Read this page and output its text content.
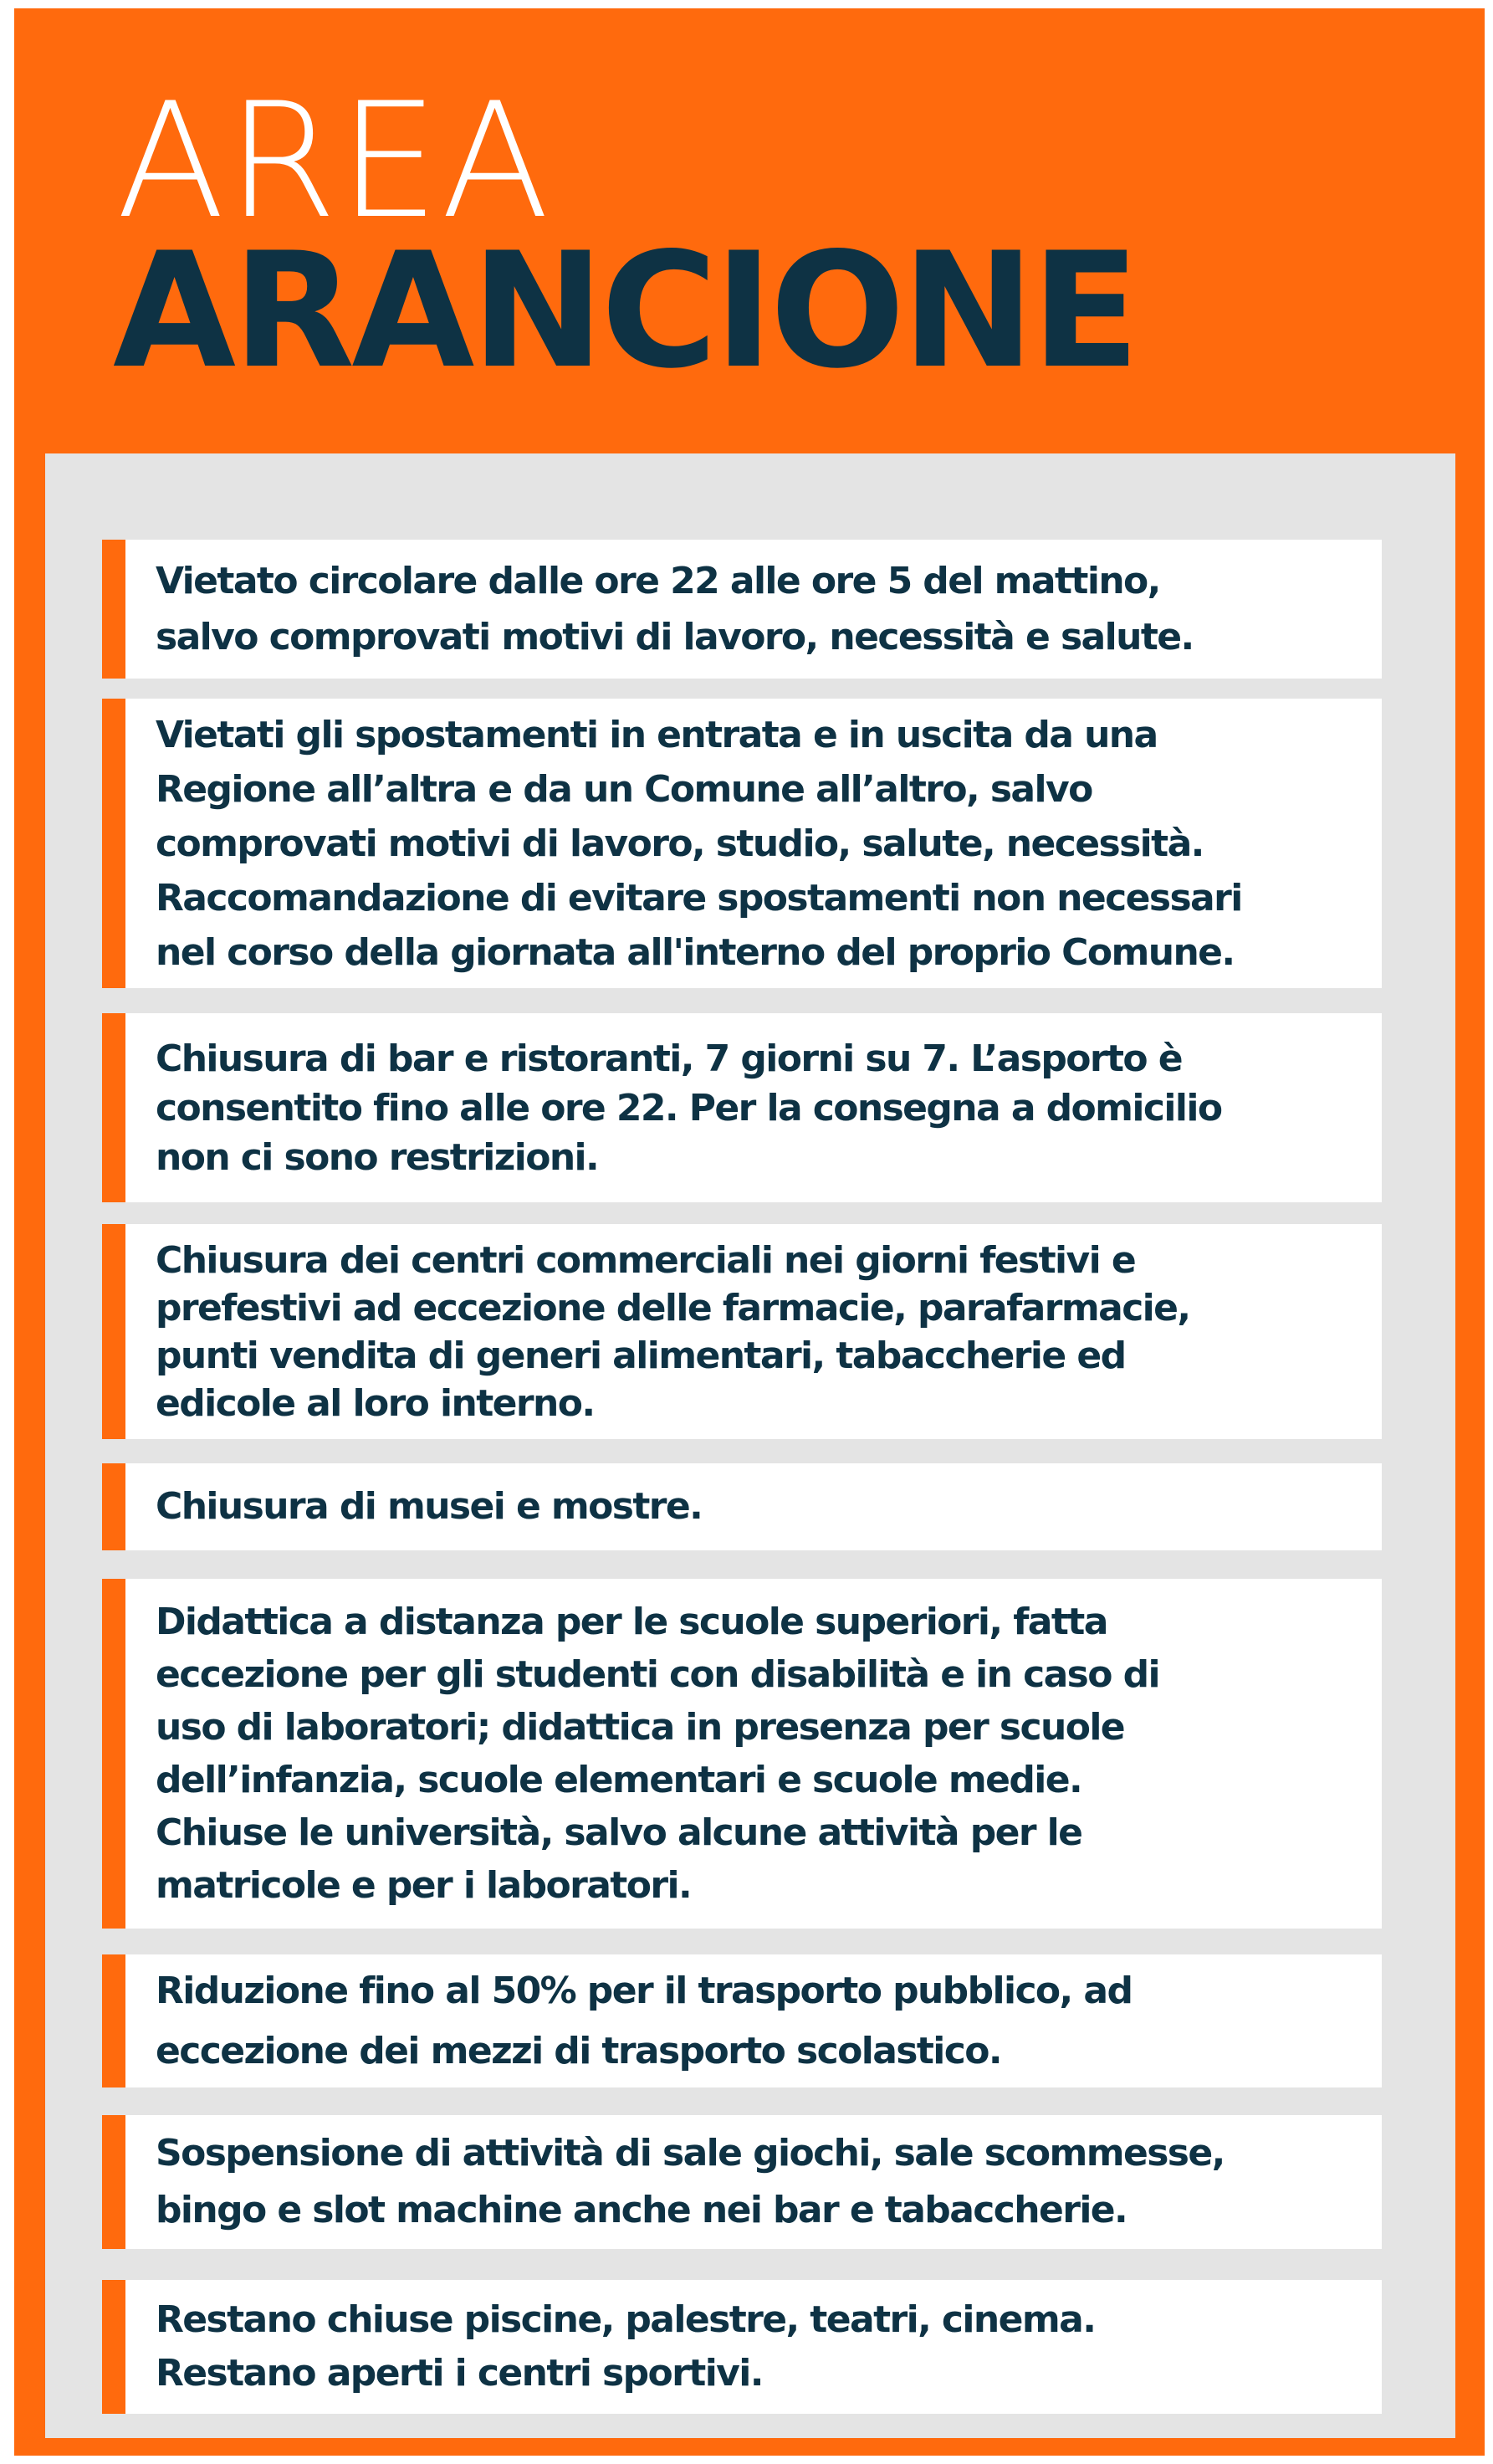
AREA
ARANCIONE
Vietato circolare dalle ore 22 alle ore 5 del mattino,
salvo comprovati motivi di lavoro, necessità e salute.
Vietati gli spostamenti in entrata e in uscita da una
Regione all’altra e da un Comune all’altro, salvo
comprovati motivi di lavoro, studio, salute, necessità.
Raccomandazione di evitare spostamenti non necessari
nel corso della giornata all'interno del proprio Comune.
Chiusura di bar e ristoranti, 7 giorni su 7. L’asporto è
consentito fino alle ore 22. Per la consegna a domicilio
non ci sono restrizioni.
Chiusura dei centri commerciali nei giorni festivi e
prefestivi ad eccezione delle farmacie, parafarmacie,
punti vendita di generi alimentari, tabaccherie ed
edicole al loro interno.
Chiusura di musei e mostre.
Didattica a distanza per le scuole superiori, fatta
eccezione per gli studenti con disabilità e in caso di
uso di laboratori; didattica in presenza per scuole
dell’infanzia, scuole elementari e scuole medie.
Chiuse le università, salvo alcune attività per le
matricole e per i laboratori.
Riduzione fino al 50% per il trasporto pubblico, ad
eccezione dei mezzi di trasporto scolastico.
Sospensione di attività di sale giochi, sale scommesse,
bingo e slot machine anche nei bar e tabaccherie.
Restano chiuse piscine, palestre, teatri, cinema.
Restano aperti i centri sportivi.
